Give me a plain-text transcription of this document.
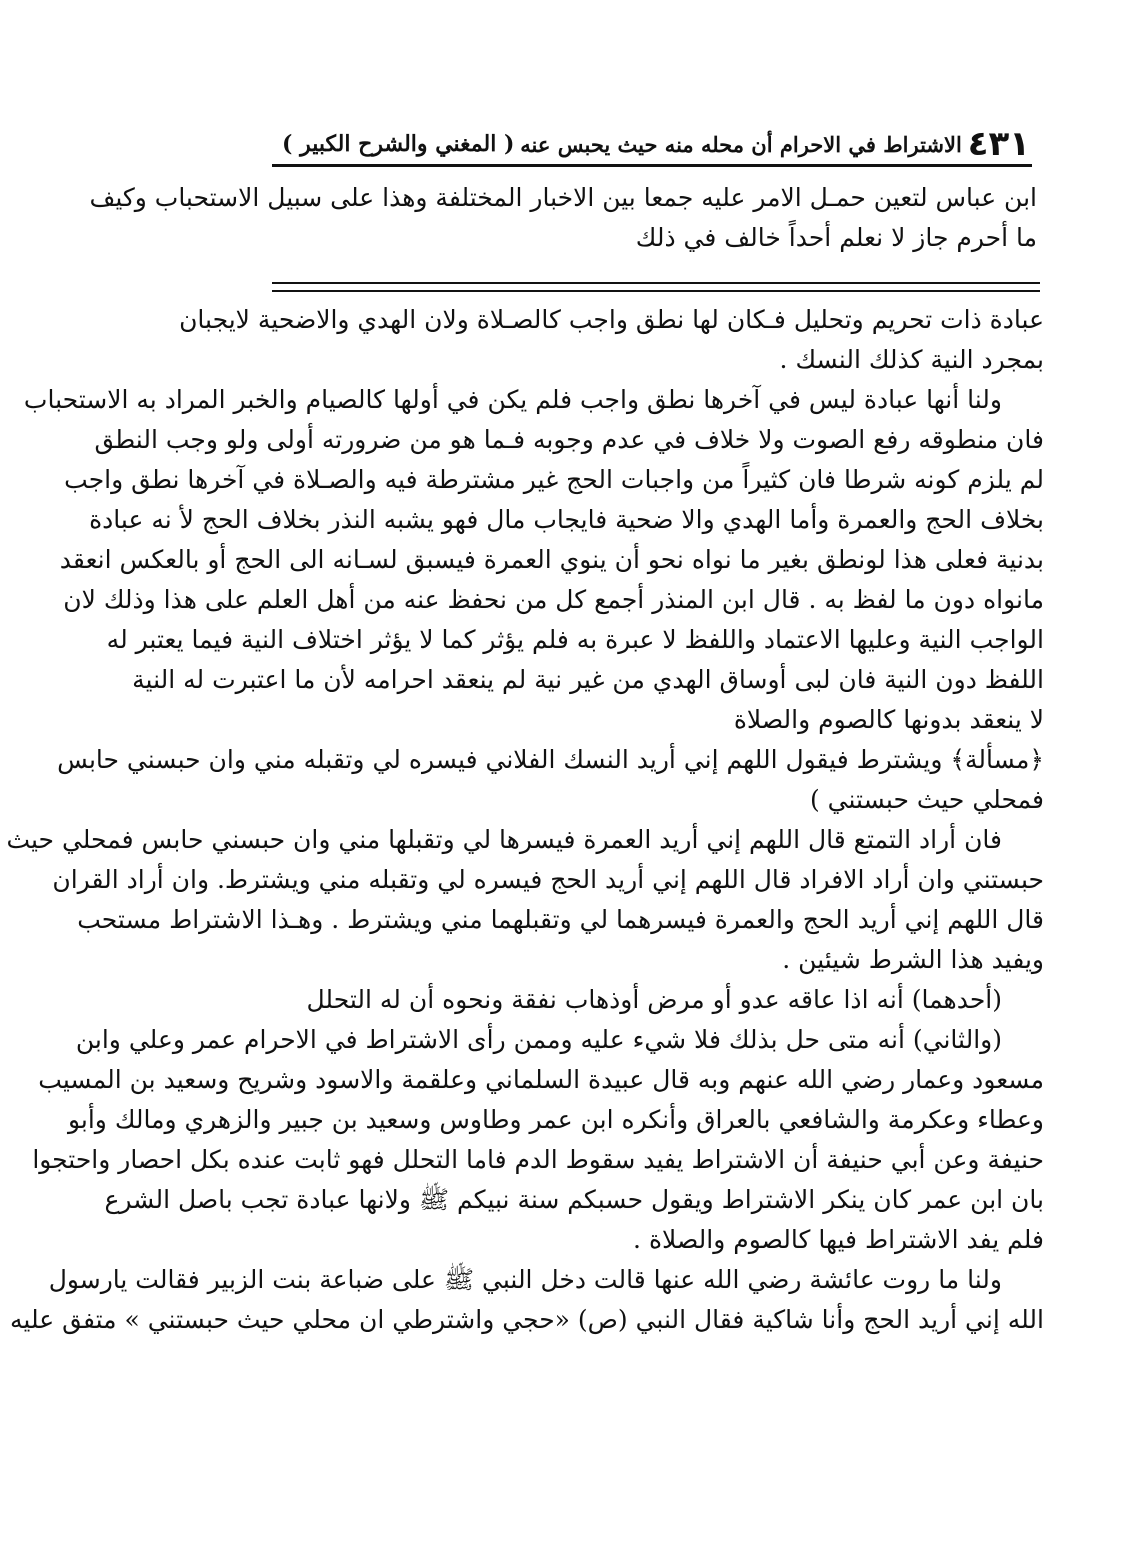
( المغني والشرح الكبير ) الاشتراط في الاحرام أن محله منه حيث يحبس عنه ٤٣١
ابن عباس لتعين حمـل الامر عليه جمعا بين الاخبار المختلفة وهذا على سبيل الاستحباب وكيف
ما أحرم جاز لا نعلم أحداً خالف في ذلك
عبادة ذات تحريم وتحليل فـكان لها نطق واجب كالصـلاة ولان الهدي والاضحية لايجبان
بمجرد النية كذلك النسك .
ولنا أنها عبادة ليس في آخرها نطق واجب فلم يكن في أولها كالصيام والخبر المراد به الاستحباب
فان منطوقه رفع الصوت ولا خلاف في عدم وجوبه فـما هو من ضرورته أولى ولو وجب النطق
لم يلزم كونه شرطا فان كثيراً من واجبات الحج غير مشترطة فيه والصـلاة في آخرها نطق واجب
بخلاف الحج والعمرة وأما الهدي والا ضحية فايجاب مال فهو يشبه النذر بخلاف الحج لأ نه عبادة
بدنية فعلى هذا لونطق بغير ما نواه نحو أن ينوي العمرة فيسبق لسـانه الى الحج أو بالعكس انعقد
مانواه دون ما لفظ به . قال ابن المنذر أجمع كل من نحفظ عنه من أهل العلم على هذا وذلك لان
الواجب النية وعليها الاعتماد واللفظ لا عبرة به فلم يؤثر كما لا يؤثر اختلاف النية فيما يعتبر له
اللفظ دون النية فان لبى أوساق الهدي من غير نية لم ينعقد احرامه لأن ما اعتبرت له النية
لا ينعقد بدونها كالصوم والصلاة
﴿مسألة﴾ ويشترط فيقول اللهم إني أريد النسك الفلاني فيسره لي وتقبله مني وان حبسني حابس
فمحلي حيث حبستني )
فان أراد التمتع قال اللهم إني أريد العمرة فيسرها لي وتقبلها مني وان حبسني حابس فمحلي حيث
حبستني وان أراد الافراد قال اللهم إني أريد الحج فيسره لي وتقبله مني ويشترط. وان أراد القران
قال اللهم إني أريد الحج والعمرة فيسرهما لي وتقبلهما مني ويشترط . وهـذا الاشتراط مستحب
ويفيد هذا الشرط شيئين .
(أحدهما) أنه اذا عاقه عدو أو مرض أوذهاب نفقة ونحوه أن له التحلل
(والثاني) أنه متى حل بذلك فلا شيء عليه وممن رأى الاشتراط في الاحرام عمر وعلي وابن
مسعود وعمار رضي الله عنهم وبه قال عبيدة السلماني وعلقمة والاسود وشريح وسعيد بن المسيب
وعطاء وعكرمة والشافعي بالعراق وأنكره ابن عمر وطاوس وسعيد بن جبير والزهري ومالك وأبو
حنيفة وعن أبي حنيفة أن الاشتراط يفيد سقوط الدم فاما التحلل فهو ثابت عنده بكل احصار واحتجوا
بان ابن عمر كان ينكر الاشتراط ويقول حسبكم سنة نبيكم ﷺ ولانها عبادة تجب باصل الشرع
فلم يفد الاشتراط فيها كالصوم والصلاة .
ولنا ما روت عائشة رضي الله عنها قالت دخل النبي ﷺ على ضباعة بنت الزبير فقالت يارسول
الله إني أريد الحج وأنا شاكية فقال النبي (ص) «حجي واشترطي ان محلي حيث حبستني » متفق عليه
